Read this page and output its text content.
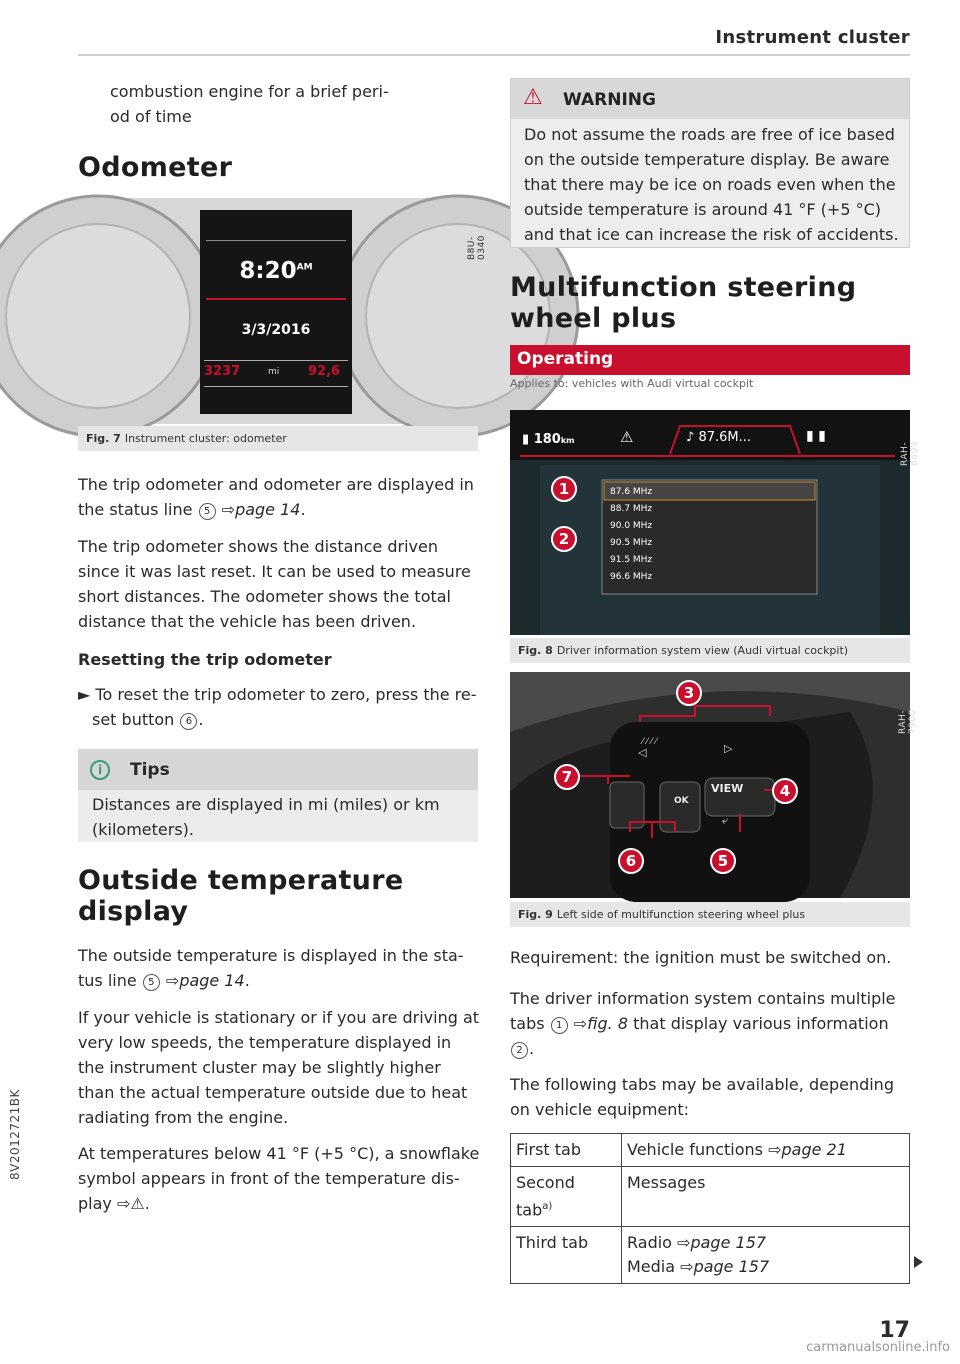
Instrument cluster

combustion engine for a brief peri-

od of time

Odometer
$8:20^{AM}$
3/3/2016
3237	mi 92,6
B8U-0340
Fig. 7 Instrument cluster: odometer

The trip odometer and odometer are displayed in

the status line 5 ⇨page 14.

The trip odometer shows the distance driven

since it was last reset. It can be used to measure

short distances. The odometer shows the total

distance that the vehicle has been driven.

Resetting the trip odometer

► To reset the trip odometer to zero, press the re-

set button 6 .

i	Tips

Distances are displayed in mi (miles) or km

(kilometers).

Outside temperature
display

The outside temperature is displayed in the sta-

tus line 5 ⇨page 14.

If your vehicle is stationary or if you are driving at

very low speeds, the temperature displayed in

the instrument cluster may be slightly higher

than the actual temperature outside due to heat

radiating from the engine.

At temperatures below 41 °F (+5 °C), a snowflake

symbol appears in front of the temperature dis-

play ⇨⚠.

8V2012721BK
⚠ WARNING

Do not assume the roads are free of ice based

on the outside temperature display. Be aware

that there may be ice on roads even when the

outside temperature is around 41 °F (+5 °C)

and that ice can increase the risk of accidents.

Multifunction steering
wheel plus
Operating

Applies to: vehicles with Audi virtual cockpit

▮ 180km	⚠	♪ 87.6M...	▮ ▮
87.6 MHz
88.7 MHz
90.0 MHz
90.5 MHz
91.5 MHz
96.6 MHz
1
2
RAH-8603
Fig. 8 Driver information system view (Audi virtual cockpit)
⁄ ⁄ ⁄ ⁄
◁	▷
⤶
VIEW
OK
3
4
5
6
7
RAH-7900
Fig. 9 Left side of multifunction steering wheel plus

Requirement: the ignition must be switched on.

The driver information system contains multiple

tabs 1 ⇨fig. 8 that display various information

2 .

The following tabs may be available, depending

on vehicle equipment:

First tab	Vehicle functions ⇨page 21
Second
tab$^{a)}$	Messages
Third tab	Radio ⇨page 157
Media ⇨page 157
17
carmanualsonline.info
